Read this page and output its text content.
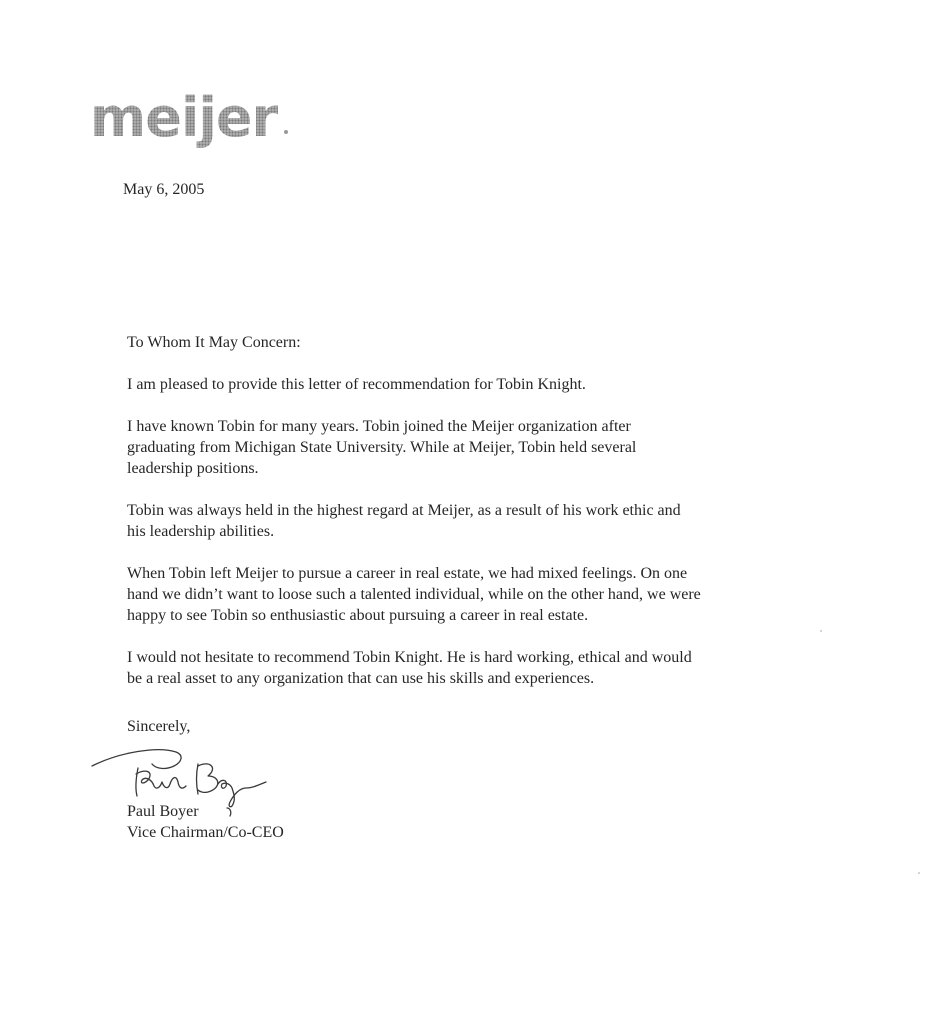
meijer
May 6, 2005

To Whom It May Concern:

I am pleased to provide this letter of recommendation for Tobin Knight.

I have known Tobin for many years. Tobin joined the Meijer organization after
graduating from Michigan State University. While at Meijer, Tobin held several
leadership positions.

Tobin was always held in the highest regard at Meijer, as a result of his work ethic and
his leadership abilities.

When Tobin left Meijer to pursue a career in real estate, we had mixed feelings. On one
hand we didn’t want to loose such a talented individual, while on the other hand, we were
happy to see Tobin so enthusiastic about pursuing a career in real estate.

I would not hesitate to recommend Tobin Knight. He is hard working, ethical and would
be a real asset to any organization that can use his skills and experiences.

Sincerely,
Paul Boyer
Vice Chairman/Co-CEO
